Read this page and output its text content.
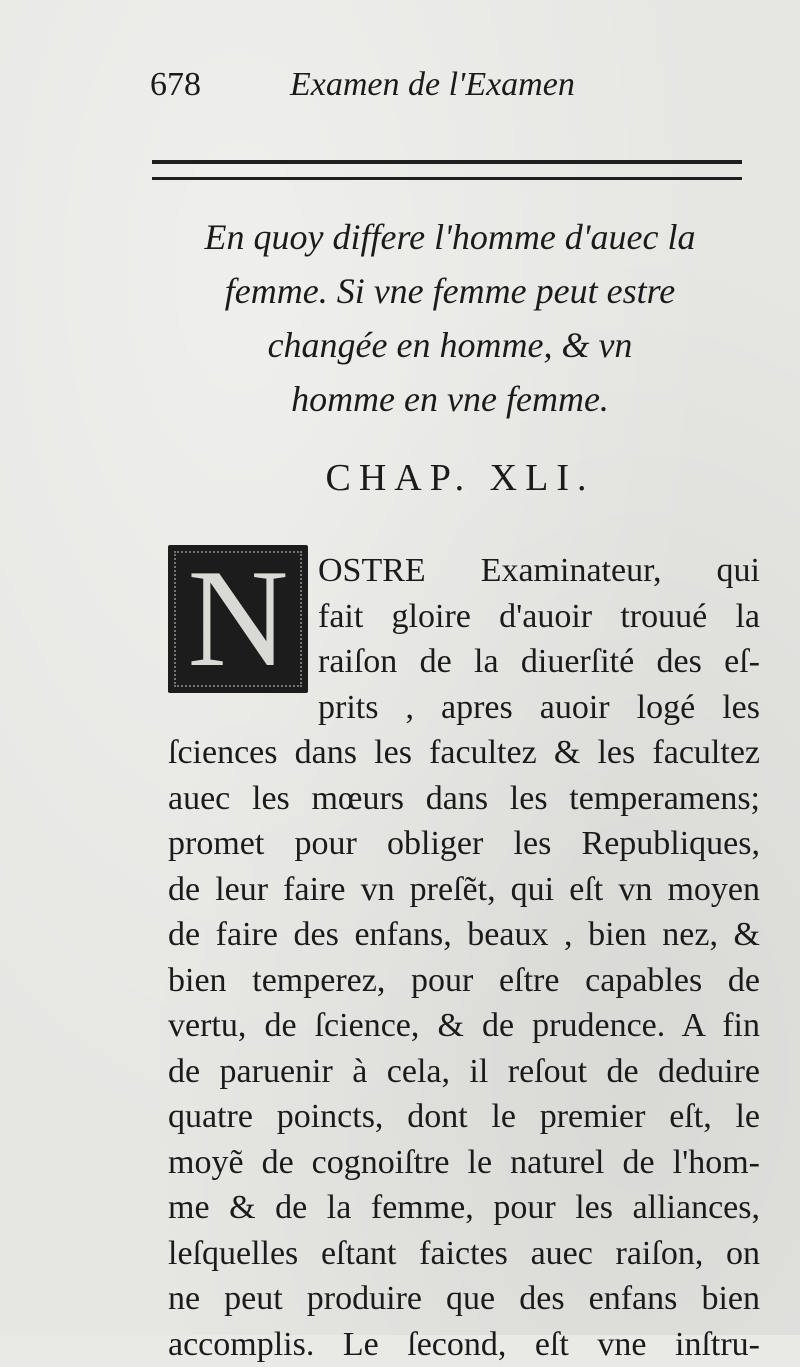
678	Examen de l'Examen
En quoy differe l'homme d'auec la
femme. Si vne femme peut estre
changée en homme, & vn
homme en vne femme.
CHAP. XLI.
N OSTRE Examinateur, qui
fait gloire d'auoir trouué la
raiſon de la diuerſité des eſ-
prits , apres auoir logé les
ſciences dans les facultez & les facultez
auec les mœurs dans les temperamens;
promet pour obliger les Republiques,
de leur faire vn preſẽt, qui eſt vn moyen
de faire des enfans, beaux , bien nez, &
bien temperez, pour eſtre capables de
vertu, de ſcience, & de prudence. A fin
de paruenir à cela, il reſout de deduire
quatre poincts, dont le premier eſt, le
moyẽ de cognoiſtre le naturel de l'hom-
me & de la femme, pour les alliances,
leſquelles eſtant faictes auec raiſon, on
ne peut produire que des enfans bien
accomplis. Le ſecond, eſt vne inſtru-
